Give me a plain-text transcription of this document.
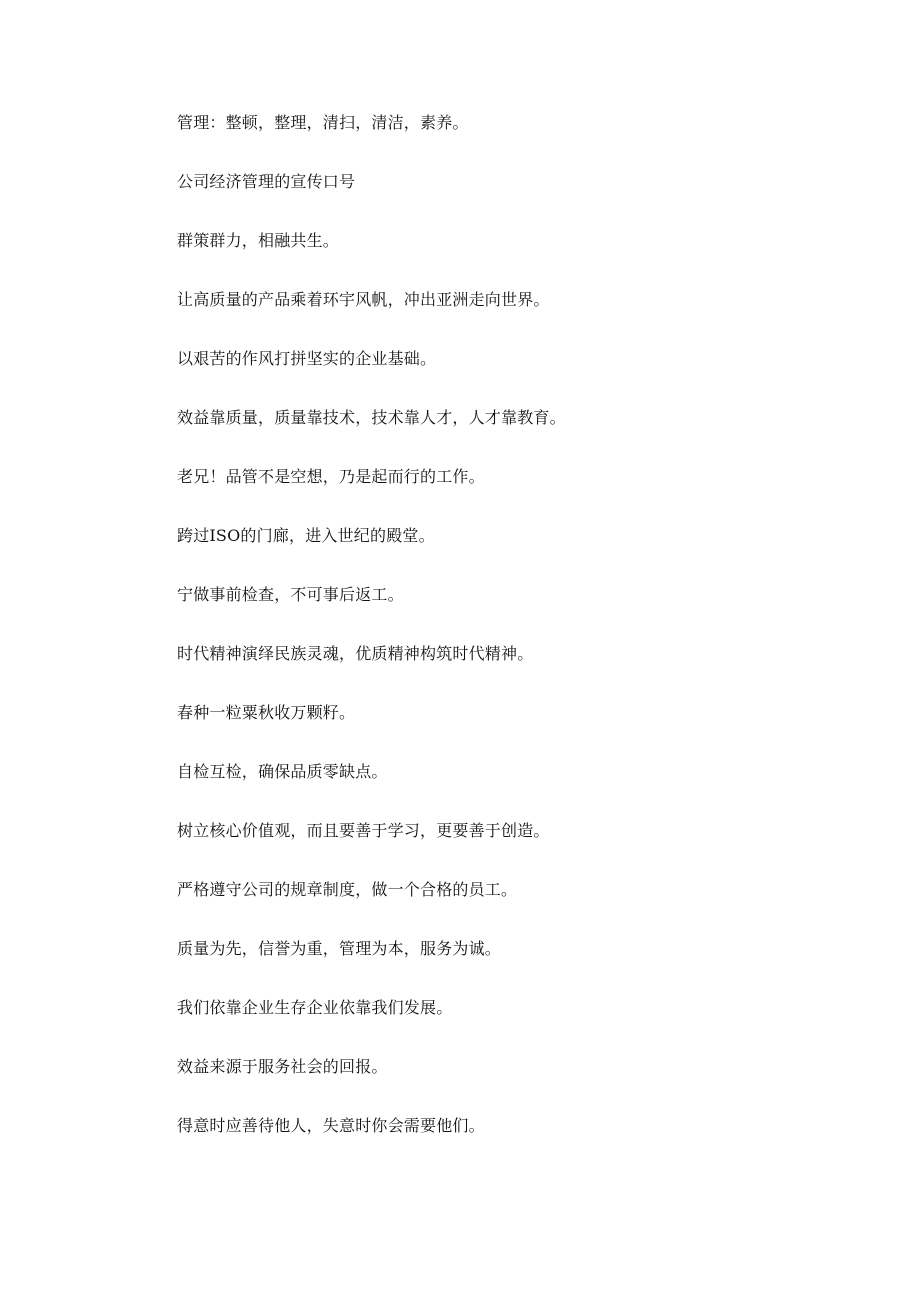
管理：整顿，整理，清扫，清洁，素养。
公司经济管理的宣传口号
群策群力，相融共生。
让高质量的产品乘着环宇风帆，冲出亚洲走向世界。
以艰苦的作风打拼坚实的企业基础。
效益靠质量，质量靠技术，技术靠人才，人才靠教育。
老兄！品管不是空想，乃是起而行的工作。
跨过ISO的门廊，进入世纪的殿堂。
宁做事前检查，不可事后返工。
时代精神演绎民族灵魂，优质精神构筑时代精神。
春种一粒粟秋收万颗籽。
自检互检，确保品质零缺点。
树立核心价值观，而且要善于学习，更要善于创造。
严格遵守公司的规章制度，做一个合格的员工。
质量为先，信誉为重，管理为本，服务为诚。
我们依靠企业生存企业依靠我们发展。
效益来源于服务社会的回报。
得意时应善待他人，失意时你会需要他们。
